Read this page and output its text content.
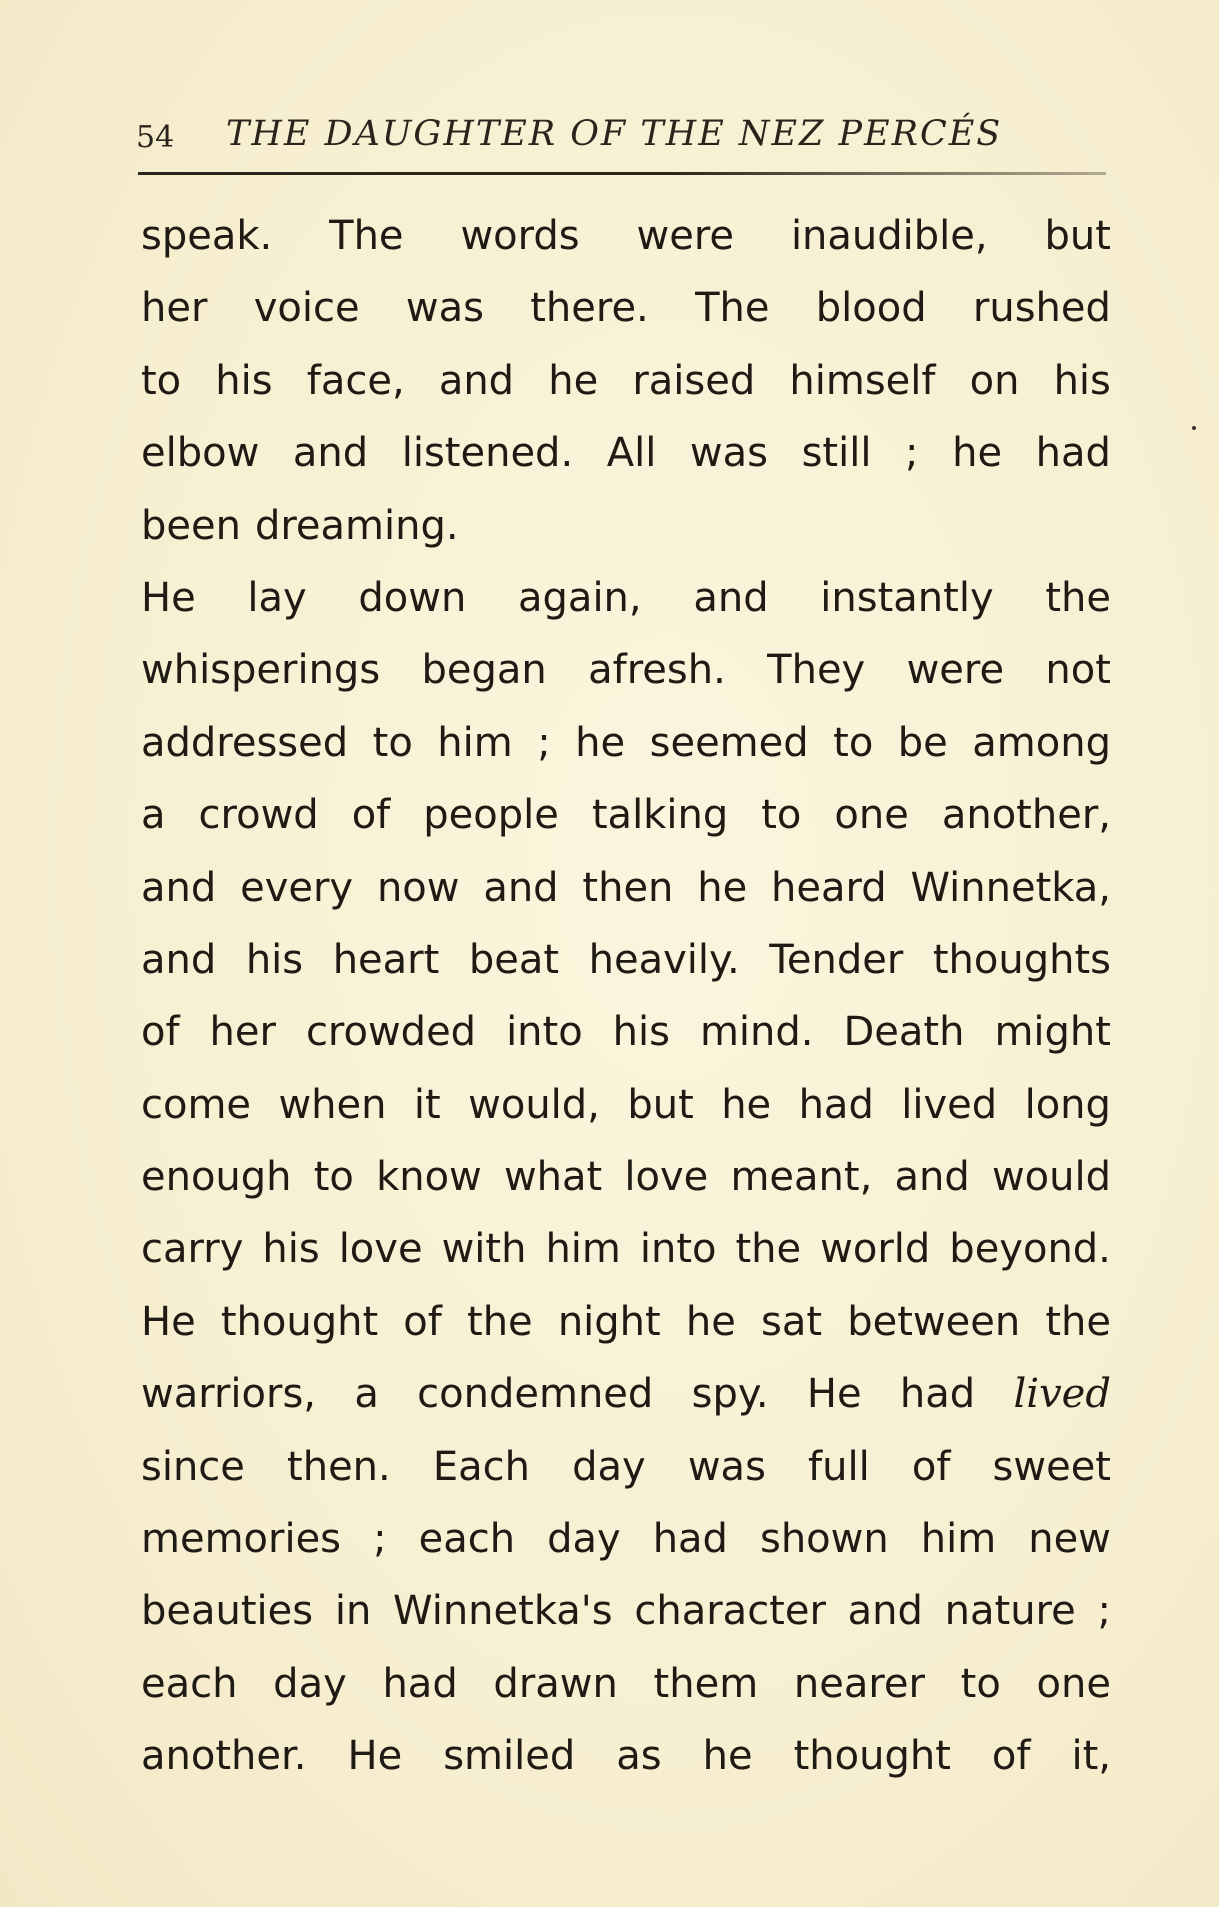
54 THE DAUGHTER OF THE NEZ PERCÉS
speak. The words were inaudible, but
her voice was there. The blood rushed
to his face, and he raised himself on his
elbow and listened. All was still ; he had
been dreaming.
He lay down again, and instantly the
whisperings began afresh. They were not
addressed to him ; he seemed to be among
a crowd of people talking to one another,
and every now and then he heard Winnetka,
and his heart beat heavily. Tender thoughts
of her crowded into his mind. Death might
come when it would, but he had lived long
enough to know what love meant, and would
carry his love with him into the world beyond.
He thought of the night he sat between the
warriors, a condemned spy. He had lived
since then. Each day was full of sweet
memories ; each day had shown him new
beauties in Winnetka's character and nature ;
each day had drawn them nearer to one
another. He smiled as he thought of it,
